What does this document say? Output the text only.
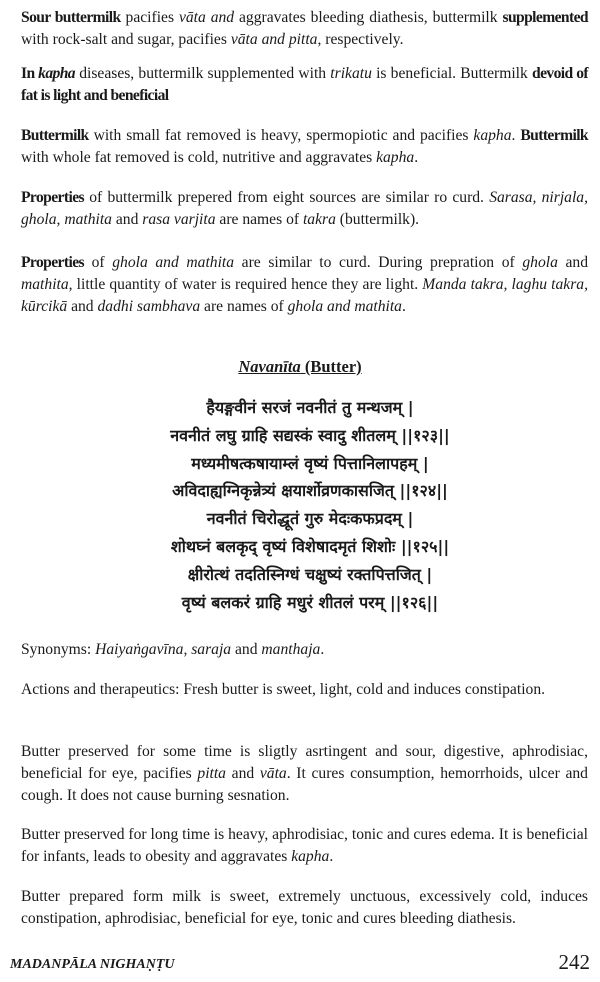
Navanīta (Butter)
हैयङ्गवीनं सरजं नवनीतं तु मन्थजम् |
नवनीतं लघु ग्राहि सद्यस्कं स्वादु शीतलम् ||१२३||
मध्यमीषत्कषायाम्लं वृष्यं पित्तानिलापहम् |
अविदाह्यग्निकृन्नेत्र्यं क्षयार्शोव्रणकासजित् ||१२४||
नवनीतं चिरोद्धूतं गुरु मेदःकफप्रदम् |
शोथघ्नं बलकृद् वृष्यं विशेषादमृतं शिशोः ||१२५||
क्षीरोत्थं तदतिस्निग्धं चक्षुष्यं रक्तपित्तजित् |
वृष्यं बलकरं ग्राहि मधुरं शीतलं परम् ||१२६||
MADANPĀLA NIGHAṆṬU	242
Sour buttermilk pacifies vāta and aggravates bleeding diathesis, buttermilk supplemented with rock-salt and sugar, pacifies vāta and pitta, respectively.
In kapha diseases, buttermilk supplemented with trikatu is beneficial. Buttermilk devoid of fat is light and beneficial
Buttermilk with small fat removed is heavy, spermopiotic and pacifies kapha. Buttermilk with whole fat removed is cold, nutritive and aggravates kapha.
Properties of buttermilk prepered from eight sources are similar ro curd. Sarasa, nirjala, ghola, mathita and rasa varjita are names of takra (buttermilk).
Properties of ghola and mathita are similar to curd. During prepration of ghola and mathita, little quantity of water is required hence they are light. Manda takra, laghu takra, kūrcikā and dadhi sambhava are names of ghola and mathita.
Synonyms: Haiyaṅgavīna, saraja and manthaja.
Actions and therapeutics: Fresh butter is sweet, light, cold and induces constipation.
Butter preserved for some time is sligtly asrtingent and sour, digestive, aphrodisiac, beneficial for eye, pacifies pitta and vāta. It cures consumption, hemorrhoids, ulcer and cough. It does not cause burning sesnation.
Butter preserved for long time is heavy, aphrodisiac, tonic and cures edema. It is beneficial for infants, leads to obesity and aggravates kapha.
Butter prepared form milk is sweet, extremely unctuous, excessively cold, induces constipation, aphrodisiac, beneficial for eye, tonic and cures bleeding diathesis.
